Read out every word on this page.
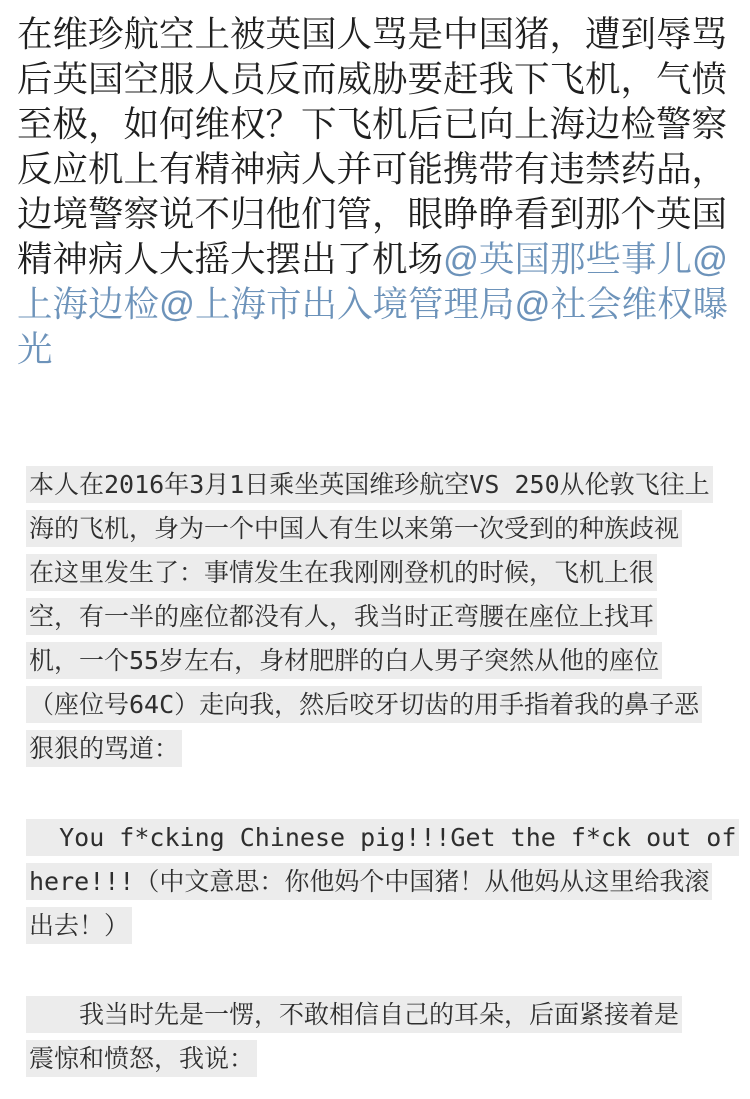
在维珍航空上被英国人骂是中国猪，遭到辱骂
后英国空服人员反而威胁要赶我下飞机，气愤
至极，如何维权？下飞机后已向上海边检警察
反应机上有精神病人并可能携带有违禁药品，
边境警察说不归他们管，眼睁睁看到那个英国
精神病人大摇大摆出了机场@英国那些事儿@
上海边检@上海市出入境管理局@社会维权曝
光
本人在2016年3月1日乘坐英国维珍航空VS 250从伦敦飞往上
海的飞机，身为一个中国人有生以来第一次受到的种族歧视
在这里发生了：事情发生在我刚刚登机的时候，飞机上很
空，有一半的座位都没有人，我当时正弯腰在座位上找耳
机，一个55岁左右，身材肥胖的白人男子突然从他的座位
（座位号64C）走向我，然后咬牙切齿的用手指着我的鼻子恶
狠狠的骂道：
You f*cking Chinese pig!!!Get the f*ck out of
here!!!（中文意思：你他妈个中国猪！从他妈从这里给我滚
出去！）
　　我当时先是一愣，不敢相信自己的耳朵，后面紧接着是
震惊和愤怒，我说：
